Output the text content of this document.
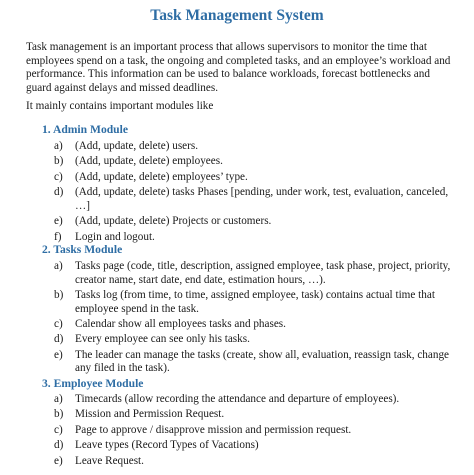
Task Management System
Task management is an important process that allows supervisors to monitor the time that employees spend on a task, the ongoing and completed tasks, and an employee’s workload and performance. This information can be used to balance workloads, forecast bottlenecks and guard against delays and missed deadlines.
It mainly contains important modules like
1. Admin Module
a) (Add, update, delete) users.
b) (Add, update, delete) employees.
c) (Add, update, delete) employees’ type.
d) (Add, update, delete) tasks Phases [pending, under work, test, evaluation, canceled, …]
e) (Add, update, delete) Projects or customers.
f) Login and logout.
2. Tasks Module
a) Tasks page (code, title, description, assigned employee, task phase, project, priority, creator name, start date, end date, estimation hours, …).
b) Tasks log (from time, to time, assigned employee, task) contains actual time that employee spend in the task.
c) Calendar show all employees tasks and phases.
d) Every employee can see only his tasks.
e) The leader can manage the tasks (create, show all, evaluation, reassign task, change any filed in the task).
3. Employee Module
a) Timecards (allow recording the attendance and departure of employees).
b) Mission and Permission Request.
c) Page to approve / disapprove mission and permission request.
d) Leave types (Record Types of Vacations)
e) Leave Request.
